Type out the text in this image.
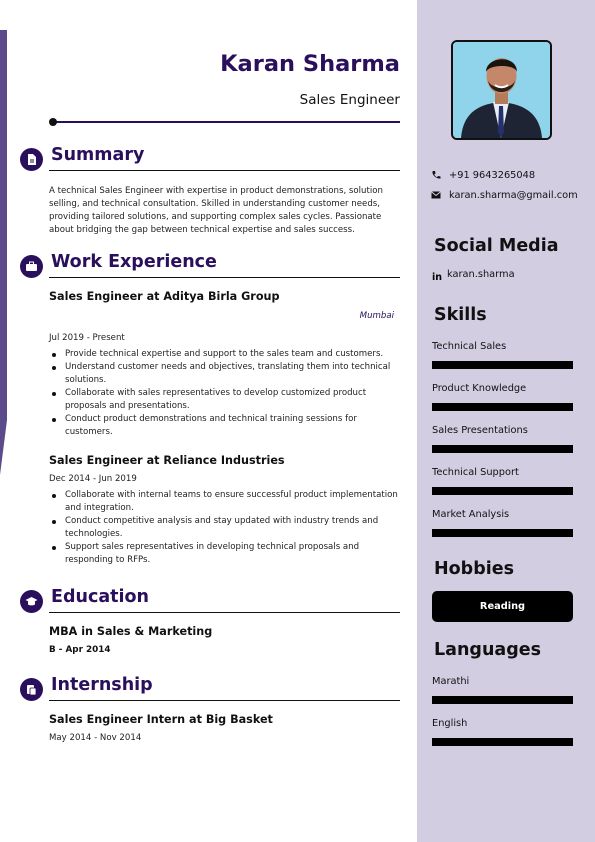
Karan Sharma
Sales Engineer
Summary
A technical Sales Engineer with expertise in product demonstrations, solution selling, and technical consultation. Skilled in understanding customer needs, providing tailored solutions, and supporting complex sales cycles. Passionate about bridging the gap between technical expertise and sales success.
Work Experience
Sales Engineer at Aditya Birla Group
Mumbai
Jul 2019 - Present
Provide technical expertise and support to the sales team and customers.
Understand customer needs and objectives, translating them into technical solutions.
Collaborate with sales representatives to develop customized product proposals and presentations.
Conduct product demonstrations and technical training sessions for customers.
Sales Engineer at Reliance Industries
Dec 2014 - Jun 2019
Collaborate with internal teams to ensure successful product implementation and integration.
Conduct competitive analysis and stay updated with industry trends and technologies.
Support sales representatives in developing technical proposals and responding to RFPs.
Education
MBA in Sales & Marketing
B - Apr 2014
Internship
Sales Engineer Intern at Big Basket
May 2014 - Nov 2014
+91 9643265048
karan.sharma@gmail.com
Social Media
in karan.sharma
Skills
Technical Sales
Product Knowledge
Sales Presentations
Technical Support
Market Analysis
Hobbies
Reading
Languages
Marathi
English
